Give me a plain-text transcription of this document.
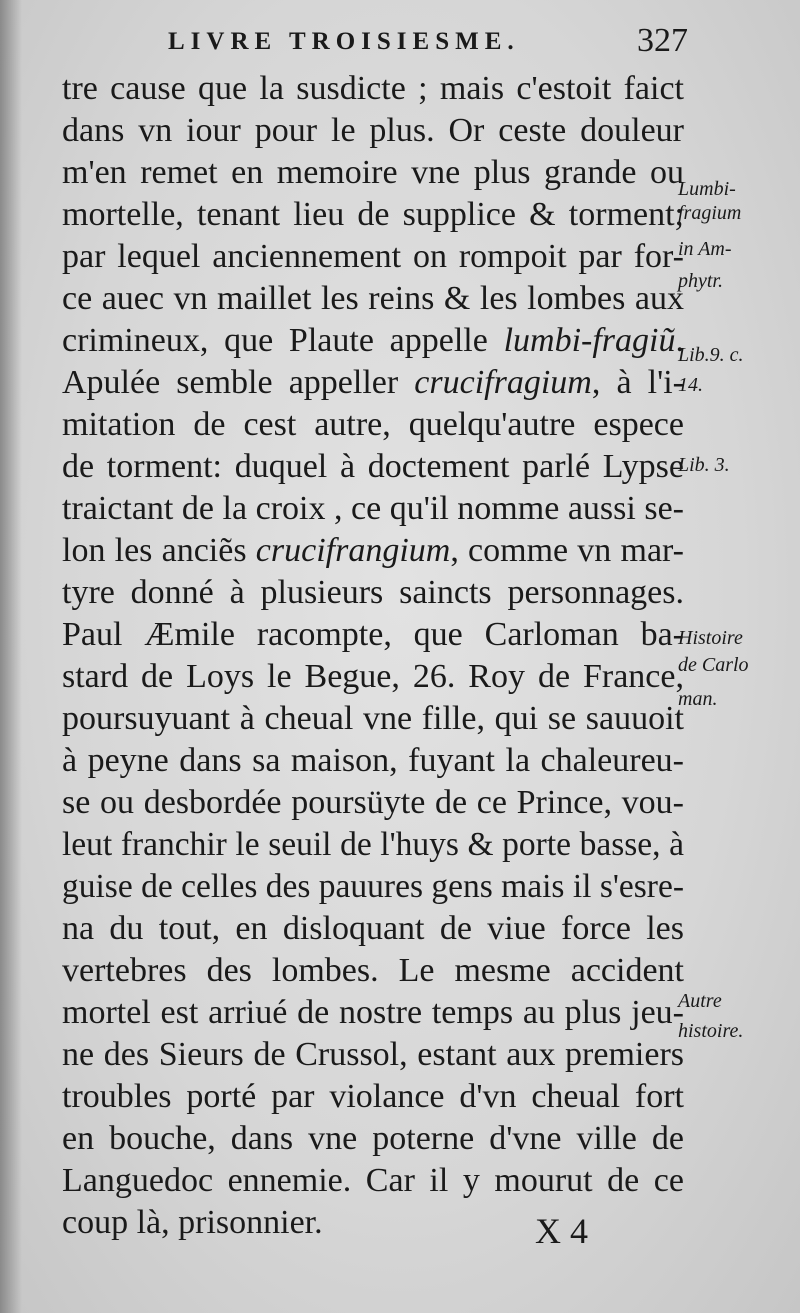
LIVRE TROISIESME.	327
tre cause que la susdicte ; mais c'estoit faict
dans vn iour pour le plus. Or ceste douleur
m'en remet en memoire vne plus grande ou
mortelle, tenant lieu de supplice & torment;
par lequel anciennement on rompoit par for-
ce auec vn maillet les reins & les lombes aux
crimineux, que Plaute appelle lumbi-fragiũ.
Apulée semble appeller crucifragium, à l'i-
mitation de cest autre, quelqu'autre espece
de torment: duquel à doctement parlé Lypse
traictant de la croix , ce qu'il nomme aussi se-
lon les anciẽs crucifrangium, comme vn mar-
tyre donné à plusieurs saincts personnages.
Paul Æmile racompte, que Carloman ba-
stard de Loys le Begue, 26. Roy de France,
poursuyuant à cheual vne fille, qui se sauuoit
à peyne dans sa maison, fuyant la chaleureu-
se ou desbordée poursüyte de ce Prince, vou-
leut franchir le seuil de l'huys & porte basse, à
guise de celles des pauures gens mais il s'esre-
na du tout, en disloquant de viue force les
vertebres des lombes. Le mesme accident
mortel est arriué de nostre temps au plus jeu-
ne des Sieurs de Crussol, estant aux premiers
troubles porté par violance d'vn cheual fort
en bouche, dans vne poterne d'vne ville de
Languedoc ennemie. Car il y mourut de ce
coup là, prisonnier.
Lumbi-
fragium
in Am-
phytr.
Lib.9. c.
14.
Lib. 3.
Histoire
de Carlo
man.
Autre
histoire.
X 4
